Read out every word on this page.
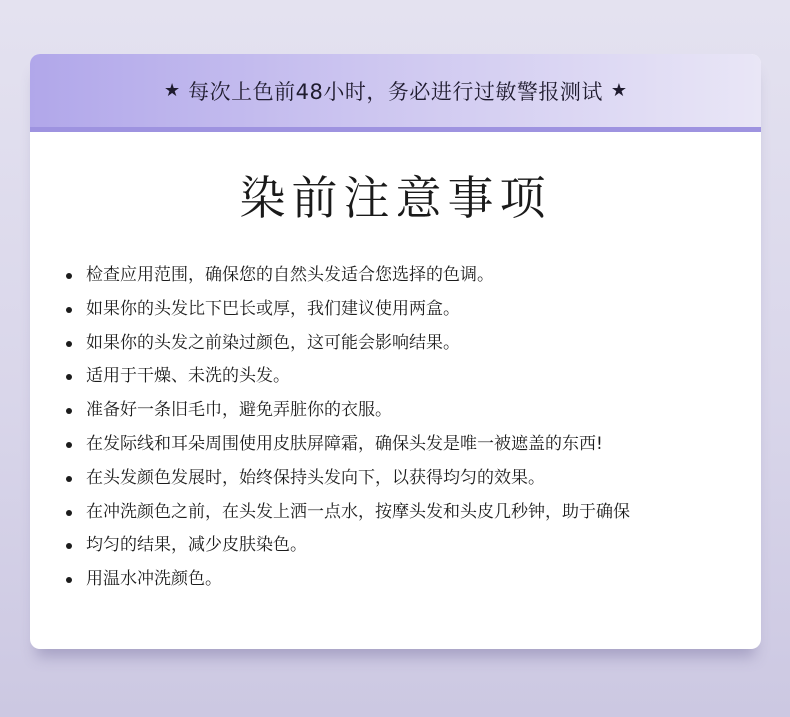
★ 每次上色前48小时，务必进行过敏警报测试 ★
染前注意事项
检查应用范围，确保您的自然头发适合您选择的色调。
如果你的头发比下巴长或厚，我们建议使用两盒。
如果你的头发之前染过颜色，这可能会影响结果。
适用于干燥、未洗的头发。
准备好一条旧毛巾，避免弄脏你的衣服。
在发际线和耳朵周围使用皮肤屏障霜，确保头发是唯一被遮盖的东西!
在头发颜色发展时，始终保持头发向下，以获得均匀的效果。
在冲洗颜色之前，在头发上洒一点水，按摩头发和头皮几秒钟，助于确保
均匀的结果，减少皮肤染色。
用温水冲洗颜色。
